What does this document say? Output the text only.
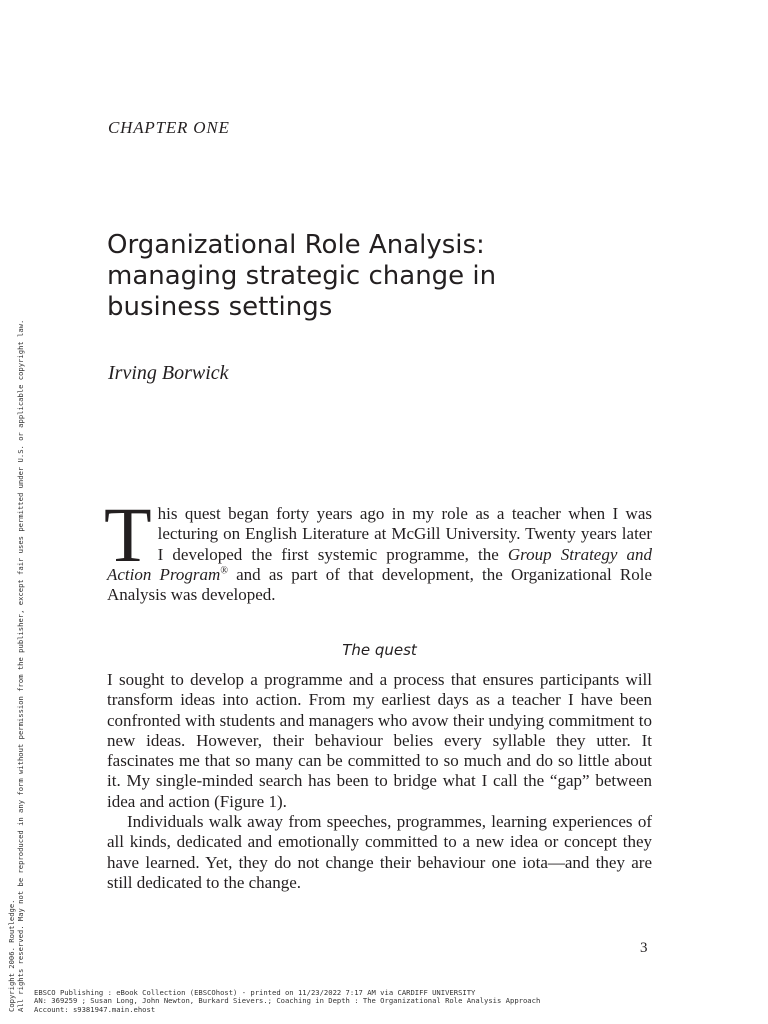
CHAPTER ONE
Organizational Role Analysis:
managing strategic change in
business settings
Irving Borwick

This quest began forty years ago in my role as a teacher when I was lecturing on English Literature at McGill University. Twenty years later I developed the first systemic programme, the Group Strategy and Action Program® and as part of that development, the Organizational Role Analysis was developed.

The quest

I sought to develop a programme and a process that ensures participants will transform ideas into action. From my earliest days as a teacher I have been confronted with students and managers who avow their undying commitment to new ideas. However, their behaviour belies every syllable they utter. It fascinates me that so many can be committed to so much and do so little about it. My single-minded search has been to bridge what I call the “gap” between idea and action (Figure 1).

Individuals walk away from speeches, programmes, learning experiences of all kinds, dedicated and emotionally committed to a new idea or concept they have learned. Yet, they do not change their behaviour one iota—and they are still dedicated to the change.

3
Copyright 2006. Routledge. All rights reserved. May not be reproduced in any form without permission from the publisher, except fair uses permitted under U.S. or applicable copyright law. EBSCO Publishing : eBook Collection (EBSCOhost) - printed on 11/23/2022 7:17 AM via CARDIFF UNIVERSITY
AN: 369259 ; Susan Long, John Newton, Burkard Sievers.; Coaching in Depth : The Organizational Role Analysis Approach
Account: s9381947.main.ehost
